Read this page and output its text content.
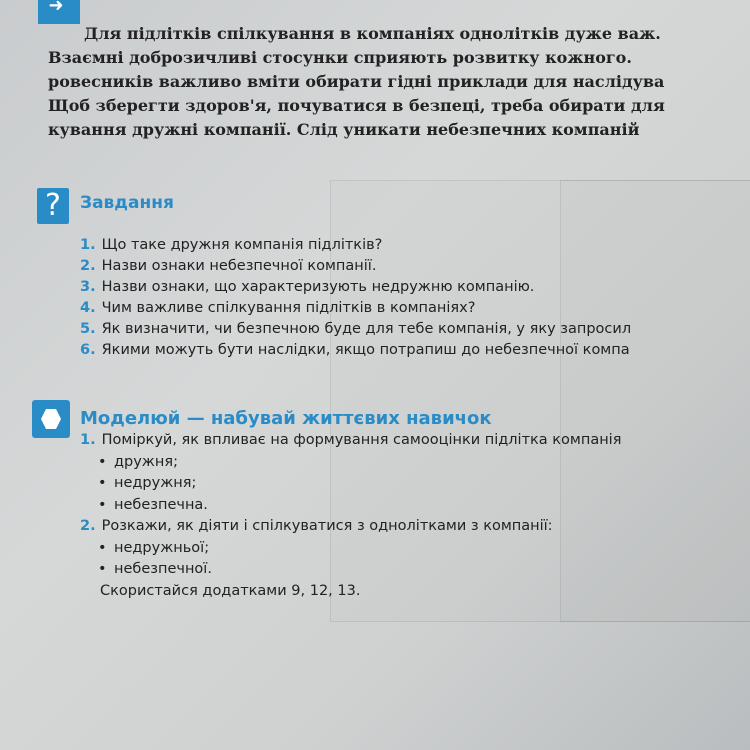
➜
Для підлітків спілкування в компаніях однолітків дуже важ.
Взаємні доброзичливі стосунки сприяють розвитку кожного.
ровесників важливо вміти обирати гідні приклади для наслідува
Щоб зберегти здоров'я, почуватися в безпеці, треба обирати для
кування дружні компанії. Слід уникати небезпечних компаній
?	Завдання
1. Що таке дружня компанія підлітків?
2. Назви ознаки небезпечної компанії.
3. Назви ознаки, що характеризують недружню компанію.
4. Чим важливе спілкування підлітків в компаніях?
5. Як визначити, чи безпечною буде для тебе компанія, у яку запросил
6. Якими можуть бути наслідки, якщо потрапиш до небезпечної компа
Моделюй — набувай життєвих навичок
1. Поміркуй, як впливає на формування самооцінки підлітка компанія
• дружня;
• недружня;
• небезпечна.
2. Розкажи, як діяти і спілкуватися з однолітками з компанії:
• недружньої;
• небезпечної.
Скористайся додатками 9, 12, 13.
